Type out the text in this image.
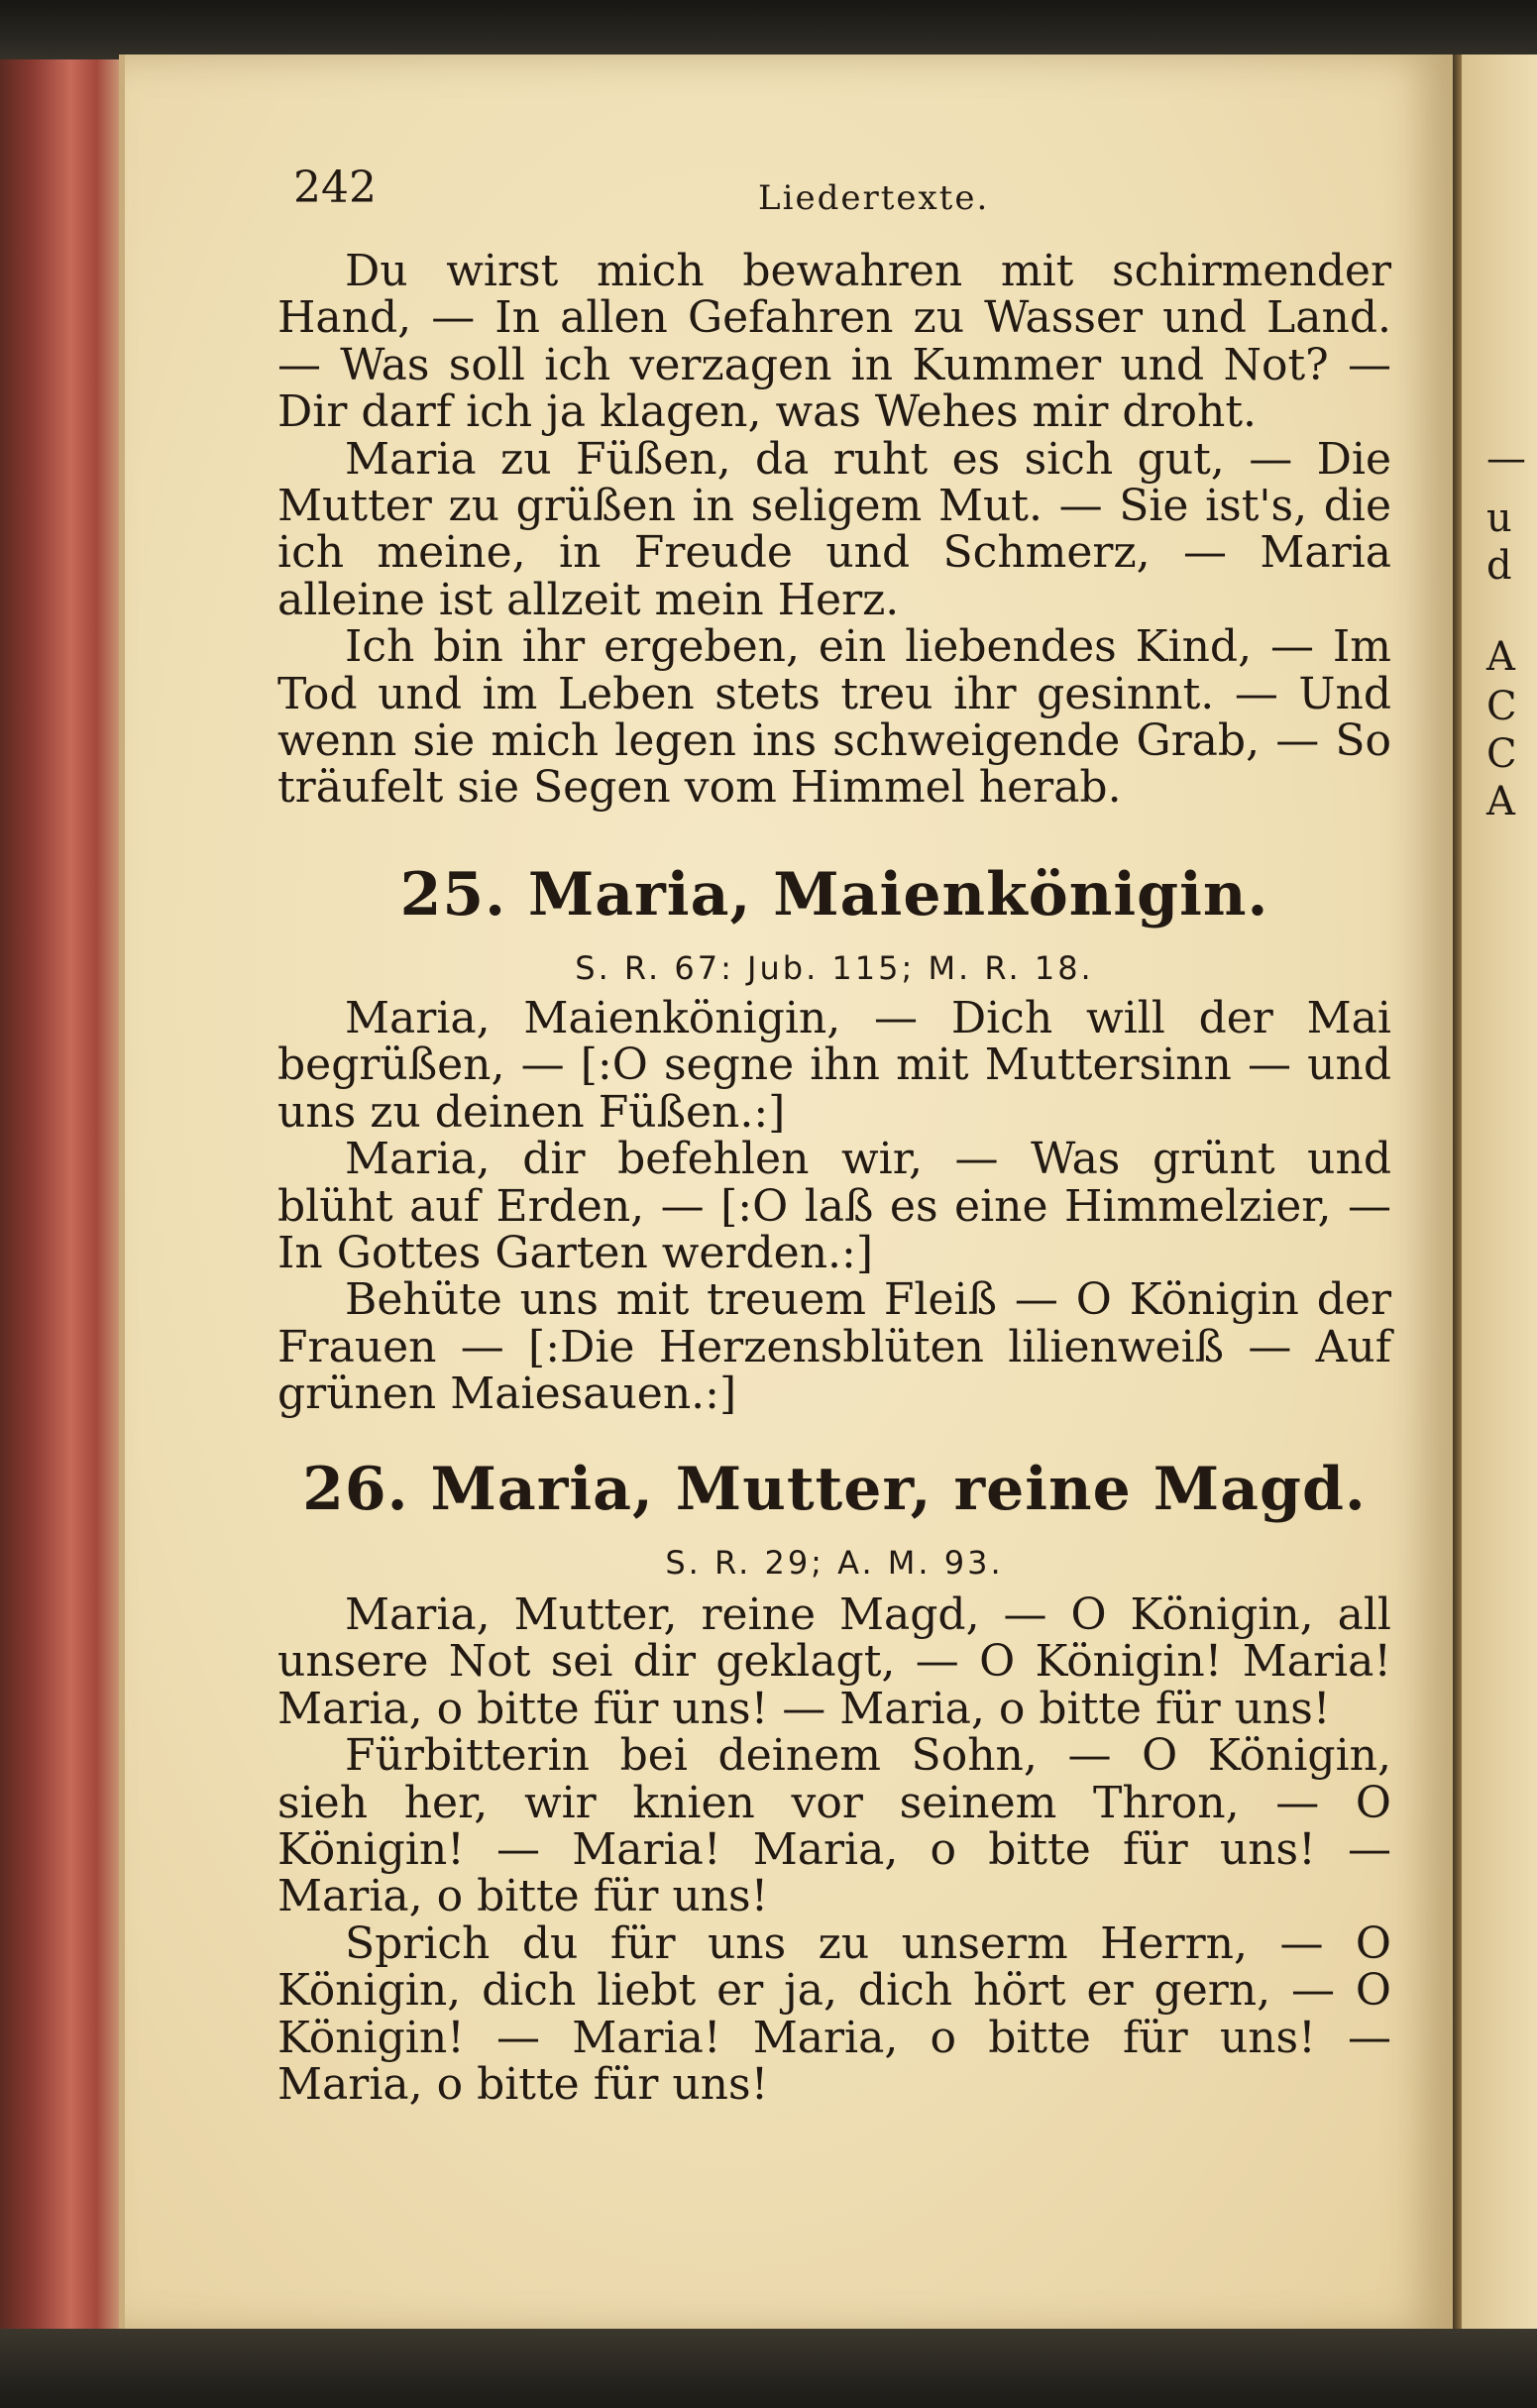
—
u
d
A
C
C
A
242	Liedertexte.

Du wirst mich bewahren mit schirmender Hand, — In allen Gefahren zu Wasser und Land. — Was soll ich verzagen in Kummer und Not? — Dir darf ich ja klagen, was Wehes mir droht.

Maria zu Füßen, da ruht es sich gut, — Die Mutter zu grüßen in seligem Mut. — Sie ist's, die ich meine, in Freude und Schmerz, — Maria alleine ist allzeit mein Herz.

Ich bin ihr ergeben, ein liebendes Kind, — Im Tod und im Leben stets treu ihr gesinnt. — Und wenn sie mich legen ins schweigende Grab, — So träufelt sie Segen vom Himmel herab.

25. Maria, Maienkönigin.
S. R. 67: Jub. 115; M. R. 18.

Maria, Maienkönigin, — Dich will der Mai begrüßen, — [:O segne ihn mit Muttersinn — und uns zu deinen Füßen.:]

Maria, dir befehlen wir, — Was grünt und blüht auf Erden, — [:O laß es eine Himmelzier, — In Gottes Garten werden.:]

Behüte uns mit treuem Fleiß — O Königin der Frauen — [:Die Herzensblüten lilienweiß — Auf grünen Maiesauen.:]

26. Maria, Mutter, reine Magd.
S. R. 29; A. M. 93.

Maria, Mutter, reine Magd, — O Königin, all unsere Not sei dir geklagt, — O Königin! Maria! Maria, o bitte für uns! — Maria, o bitte für uns!

Fürbitterin bei deinem Sohn, — O Königin, sieh her, wir knien vor seinem Thron, — O Königin! — Maria! Maria, o bitte für uns! — Maria, o bitte für uns!

Sprich du für uns zu unserm Herrn, — O Königin, dich liebt er ja, dich hört er gern, — O Königin! — Maria! Maria, o bitte für uns! — Maria, o bitte für uns!
